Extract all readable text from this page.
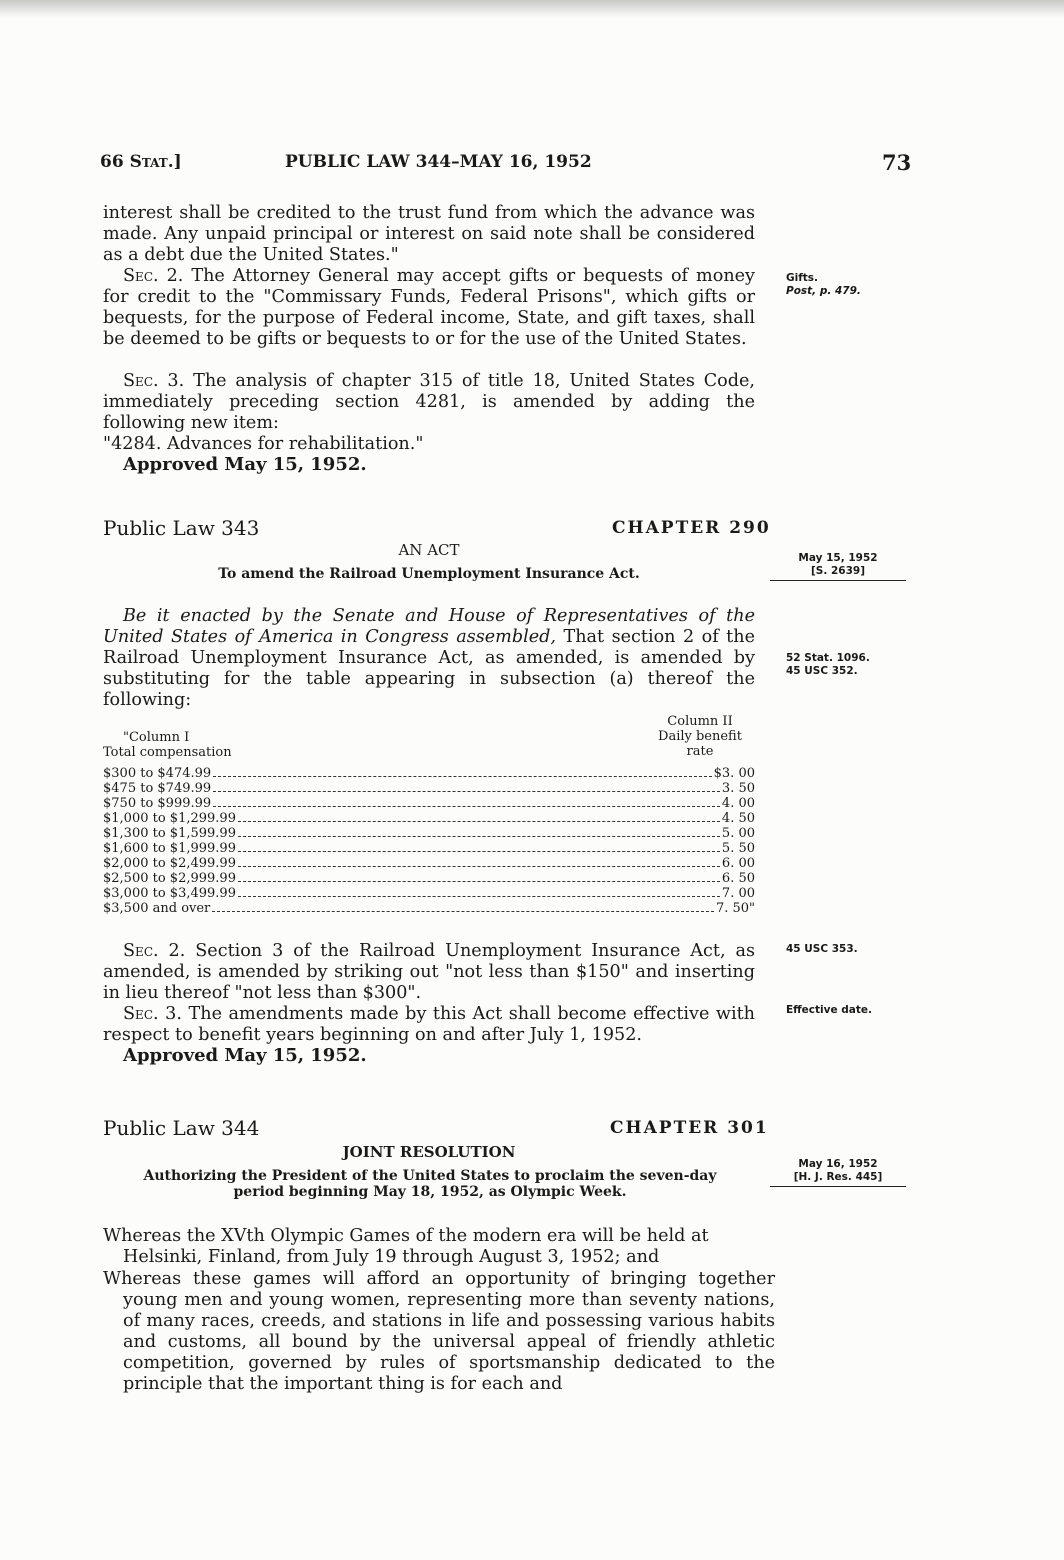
66 Stat.]	PUBLIC LAW 344–MAY 16, 1952	73
interest shall be credited to the trust fund from which the advance was made. Any unpaid principal or interest on said note shall be considered as a debt due the United States."
Sec. 2. The Attorney General may accept gifts or bequests of money for credit to the "Commissary Funds, Federal Prisons", which gifts or bequests, for the purpose of Federal income, State, and gift taxes, shall be deemed to be gifts or bequests to or for the use of the United States.
Sec. 3. The analysis of chapter 315 of title 18, United States Code, immediately preceding section 4281, is amended by adding the following new item:
"4284. Advances for rehabilitation."
Approved May 15, 1952.
Gifts.
Post, p. 479.
May 15, 1952
[S. 2639]
52 Stat. 1096.
45 USC 352.
45 USC 353.
Effective date.
May 16, 1952
[H. J. Res. 445]
Public Law 343	CHAPTER 290
AN ACT
To amend the Railroad Unemployment Insurance Act.
Be it enacted by the Senate and House of Representatives of the United States of America in Congress assembled, That section 2 of the Railroad Unemployment Insurance Act, as amended, is amended by substituting for the table appearing in subsection (a) thereof the following:
"Column I
Total compensation
Column II
Daily benefit
rate
$300 to $474.99	$3. 00

$475 to $749.99	3. 50

$750 to $999.99	4. 00

$1,000 to $1,299.99	4. 50

$1,300 to $1,599.99	5. 00

$1,600 to $1,999.99	5. 50

$2,000 to $2,499.99	6. 00

$2,500 to $2,999.99	6. 50

$3,000 to $3,499.99	7. 00

$3,500 and over	7. 50"
Sec. 2. Section 3 of the Railroad Unemployment Insurance Act, as amended, is amended by striking out "not less than $150" and inserting in lieu thereof "not less than $300".
Sec. 3. The amendments made by this Act shall become effective with respect to benefit years beginning on and after July 1, 1952.
Approved May 15, 1952.
Public Law 344	CHAPTER 301
JOINT RESOLUTION
Authorizing the President of the United States to proclaim the seven-day period beginning May 18, 1952, as Olympic Week.
Whereas the XVth Olympic Games of the modern era will be held at Helsinki, Finland, from July 19 through August 3, 1952; and
Whereas these games will afford an opportunity of bringing together young men and young women, representing more than seventy nations, of many races, creeds, and stations in life and possessing various habits and customs, all bound by the universal appeal of friendly athletic competition, governed by rules of sportsmanship dedicated to the principle that the important thing is for each and
